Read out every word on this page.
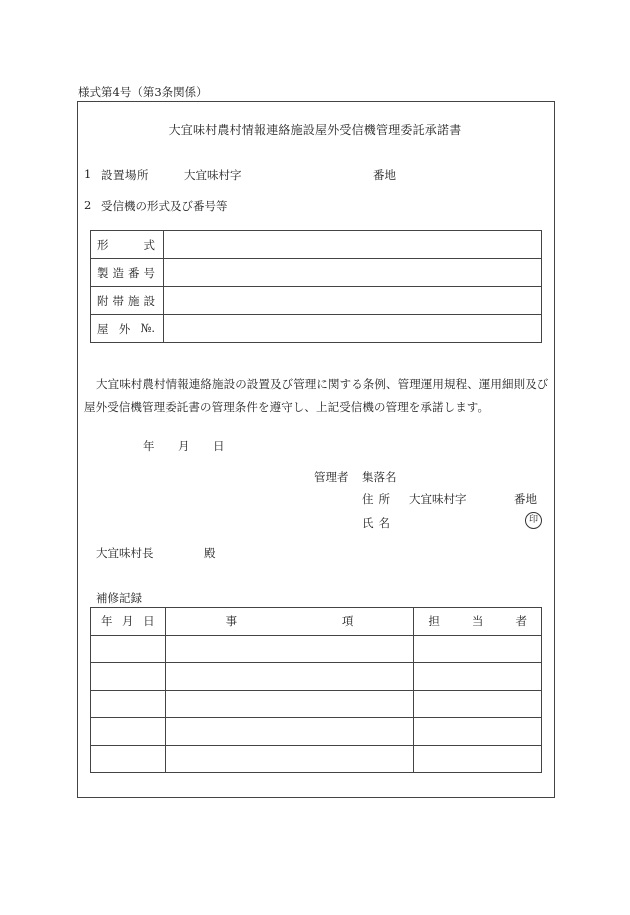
様式第4号（第3条関係）
大宜味村農村情報連絡施設屋外受信機管理委託承諾書
1 設置場所	大宜味村字	番地
2 受信機の形式及び番号等
形 式	

製 造 番 号	

附 帯 施 設	

屋 外 №.	

大宜味村農村情報連絡施設の設置及び管理に関する条例、管理運用規程、運用細則及び
屋外受信機管理委託書の管理条件を遵守し、上記受信機の管理を承諾します。
年 月 日
管理者 集落名
住所 大宜味村字	番地
氏名	印
大宜味村長	殿
補修記録
年 月 日	事 項	担 当 者
